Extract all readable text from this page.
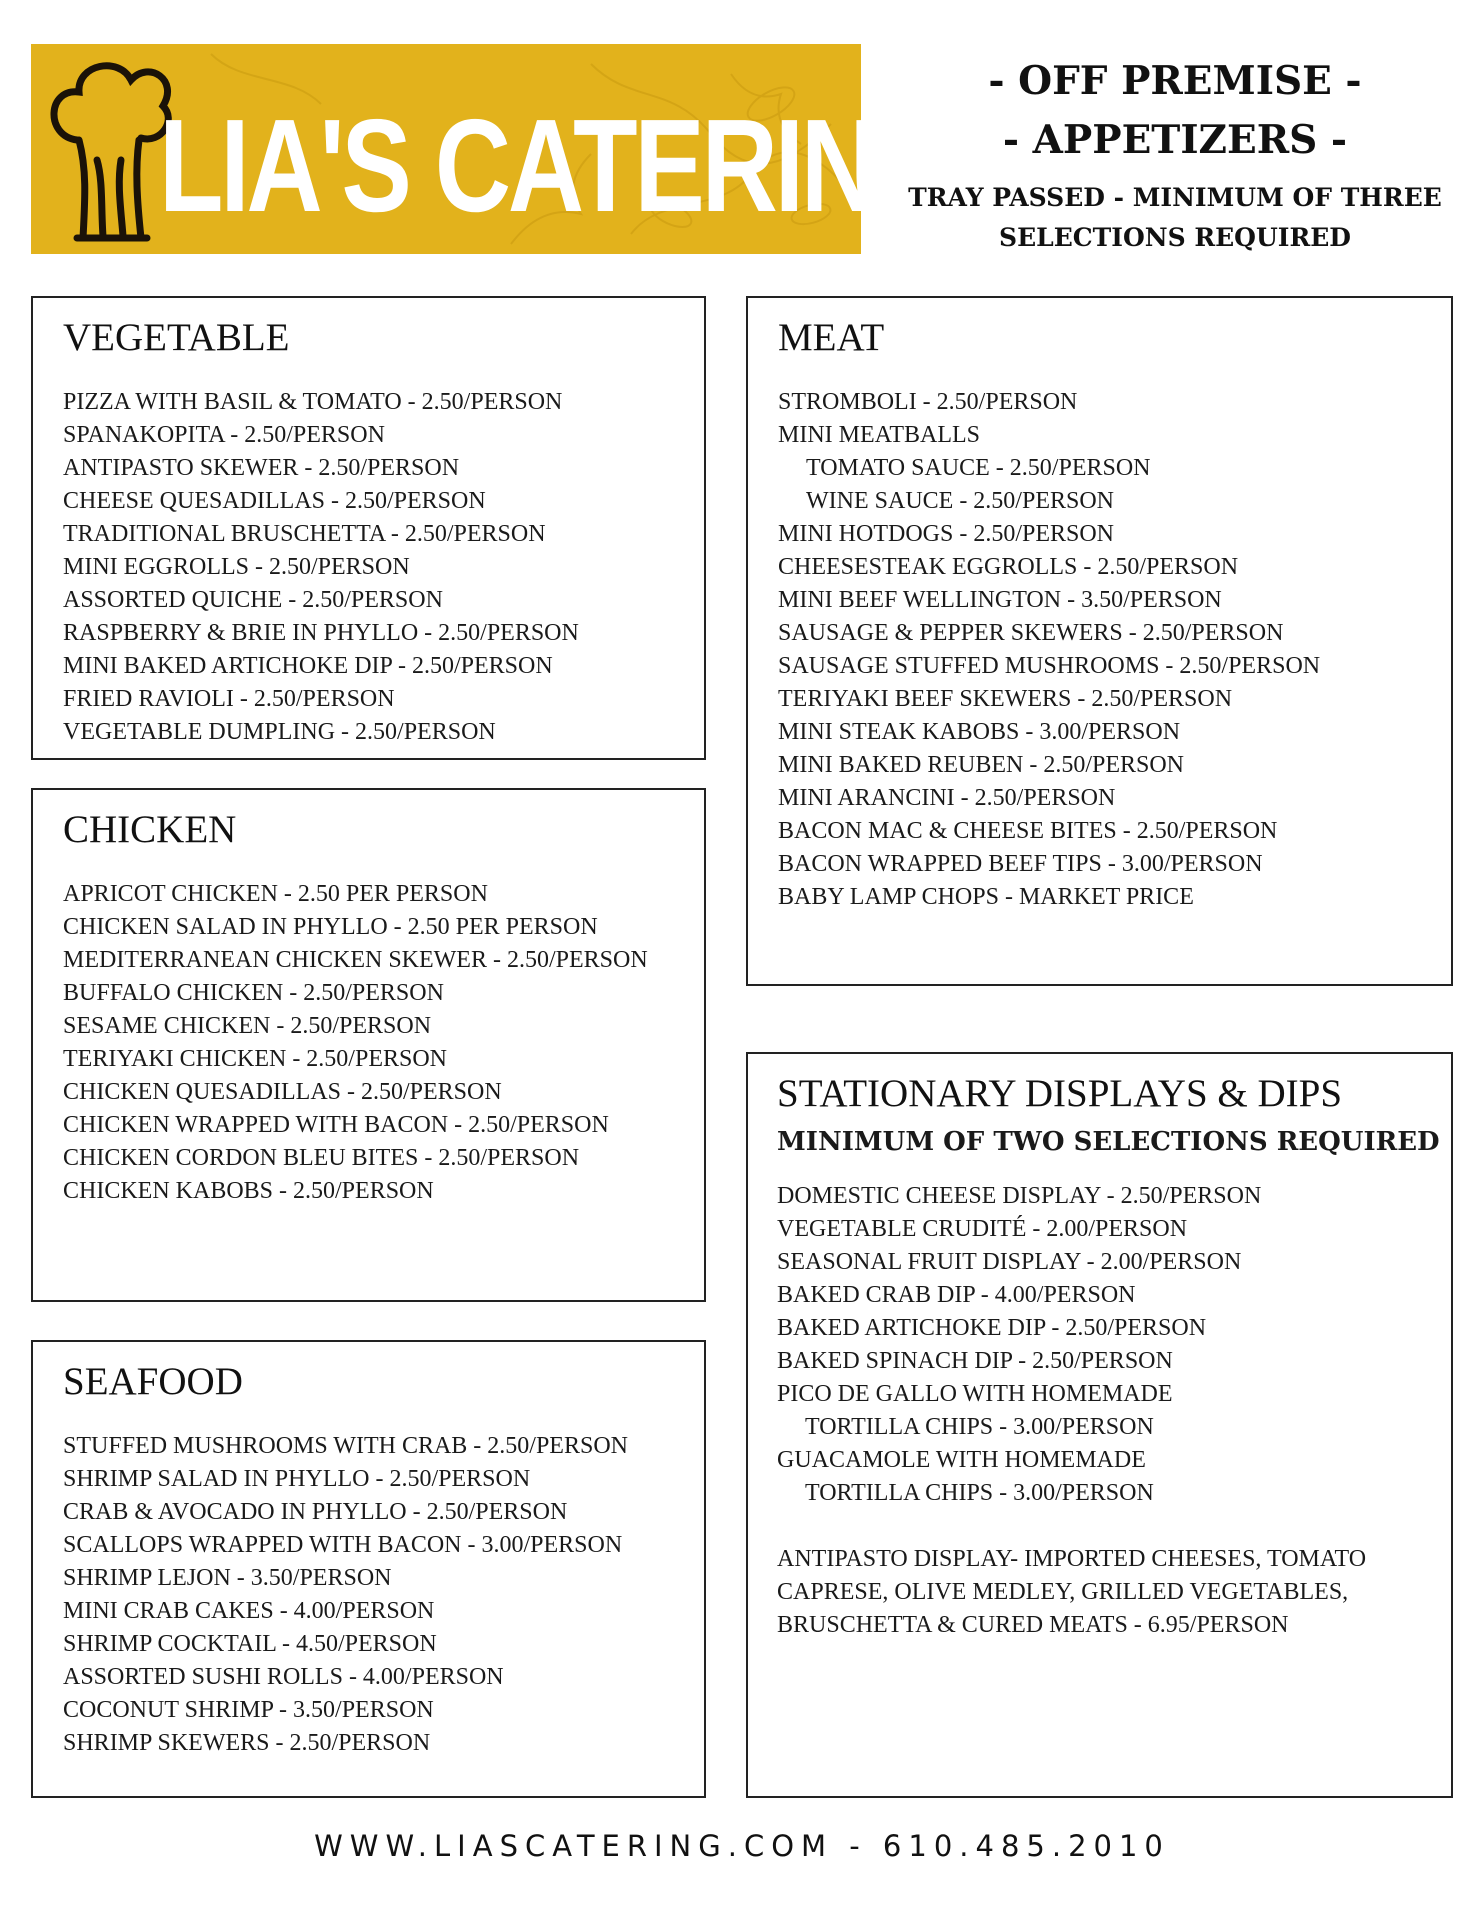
LIA'S CATERING
- OFF PREMISE -
- APPETIZERS -
TRAY PASSED - MINIMUM OF THREE
SELECTIONS REQUIRED
VEGETABLE
PIZZA WITH BASIL & TOMATO - 2.50/PERSON
SPANAKOPITA - 2.50/PERSON
ANTIPASTO SKEWER - 2.50/PERSON
CHEESE QUESADILLAS - 2.50/PERSON
TRADITIONAL BRUSCHETTA - 2.50/PERSON
MINI EGGROLLS - 2.50/PERSON
ASSORTED QUICHE - 2.50/PERSON
RASPBERRY & BRIE IN PHYLLO - 2.50/PERSON
MINI BAKED ARTICHOKE DIP - 2.50/PERSON
FRIED RAVIOLI - 2.50/PERSON
VEGETABLE DUMPLING - 2.50/PERSON
CHICKEN
APRICOT CHICKEN - 2.50 PER PERSON
CHICKEN SALAD IN PHYLLO - 2.50 PER PERSON
MEDITERRANEAN CHICKEN SKEWER - 2.50/PERSON
BUFFALO CHICKEN - 2.50/PERSON
SESAME CHICKEN - 2.50/PERSON
TERIYAKI CHICKEN - 2.50/PERSON
CHICKEN QUESADILLAS - 2.50/PERSON
CHICKEN WRAPPED WITH BACON - 2.50/PERSON
CHICKEN CORDON BLEU BITES - 2.50/PERSON
CHICKEN KABOBS - 2.50/PERSON
SEAFOOD
STUFFED MUSHROOMS WITH CRAB - 2.50/PERSON
SHRIMP SALAD IN PHYLLO - 2.50/PERSON
CRAB & AVOCADO IN PHYLLO - 2.50/PERSON
SCALLOPS WRAPPED WITH BACON - 3.00/PERSON
SHRIMP LEJON - 3.50/PERSON
MINI CRAB CAKES - 4.00/PERSON
SHRIMP COCKTAIL - 4.50/PERSON
ASSORTED SUSHI ROLLS - 4.00/PERSON
COCONUT SHRIMP - 3.50/PERSON
SHRIMP SKEWERS - 2.50/PERSON
MEAT
STROMBOLI - 2.50/PERSON
MINI MEATBALLS
TOMATO SAUCE - 2.50/PERSON
WINE SAUCE - 2.50/PERSON
MINI HOTDOGS - 2.50/PERSON
CHEESESTEAK EGGROLLS - 2.50/PERSON
MINI BEEF WELLINGTON - 3.50/PERSON
SAUSAGE & PEPPER SKEWERS - 2.50/PERSON
SAUSAGE STUFFED MUSHROOMS - 2.50/PERSON
TERIYAKI BEEF SKEWERS - 2.50/PERSON
MINI STEAK KABOBS - 3.00/PERSON
MINI BAKED REUBEN - 2.50/PERSON
MINI ARANCINI - 2.50/PERSON
BACON MAC & CHEESE BITES - 2.50/PERSON
BACON WRAPPED BEEF TIPS - 3.00/PERSON
BABY LAMP CHOPS - MARKET PRICE
STATIONARY DISPLAYS & DIPS
MINIMUM OF TWO SELECTIONS REQUIRED
DOMESTIC CHEESE DISPLAY - 2.50/PERSON
VEGETABLE CRUDITÉ - 2.00/PERSON
SEASONAL FRUIT DISPLAY - 2.00/PERSON
BAKED CRAB DIP - 4.00/PERSON
BAKED ARTICHOKE DIP - 2.50/PERSON
BAKED SPINACH DIP - 2.50/PERSON
PICO DE GALLO WITH HOMEMADE
TORTILLA CHIPS - 3.00/PERSON
GUACAMOLE WITH HOMEMADE
TORTILLA CHIPS - 3.00/PERSON
ANTIPASTO DISPLAY- IMPORTED CHEESES, TOMATO
CAPRESE, OLIVE MEDLEY, GRILLED VEGETABLES,
BRUSCHETTA & CURED MEATS - 6.95/PERSON
WWW.LIASCATERING.COM - 610.485.2010
